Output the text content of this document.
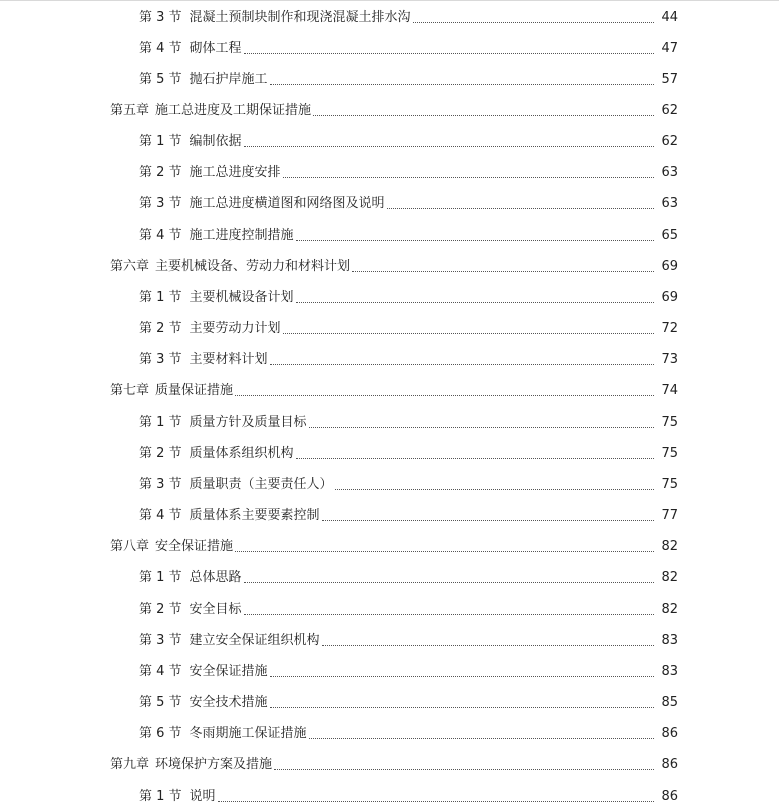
第 3 节 混凝土预制块制作和现浇混凝土排水沟	44
第 4 节 砌体工程	47
第 5 节 抛石护岸施工	57
第五章 施工总进度及工期保证措施	62
第 1 节 编制依据	62
第 2 节 施工总进度安排	63
第 3 节 施工总进度横道图和网络图及说明	63
第 4 节 施工进度控制措施	65
第六章 主要机械设备、劳动力和材料计划	69
第 1 节 主要机械设备计划	69
第 2 节 主要劳动力计划	72
第 3 节 主要材料计划	73
第七章 质量保证措施	74
第 1 节 质量方针及质量目标	75
第 2 节 质量体系组织机构	75
第 3 节 质量职责（主要责任人）	75
第 4 节 质量体系主要要素控制	77
第八章 安全保证措施	82
第 1 节 总体思路	82
第 2 节 安全目标	82
第 3 节 建立安全保证组织机构	83
第 4 节 安全保证措施	83
第 5 节 安全技术措施	85
第 6 节 冬雨期施工保证措施	86
第九章 环境保护方案及措施	86
第 1 节 说明	86
